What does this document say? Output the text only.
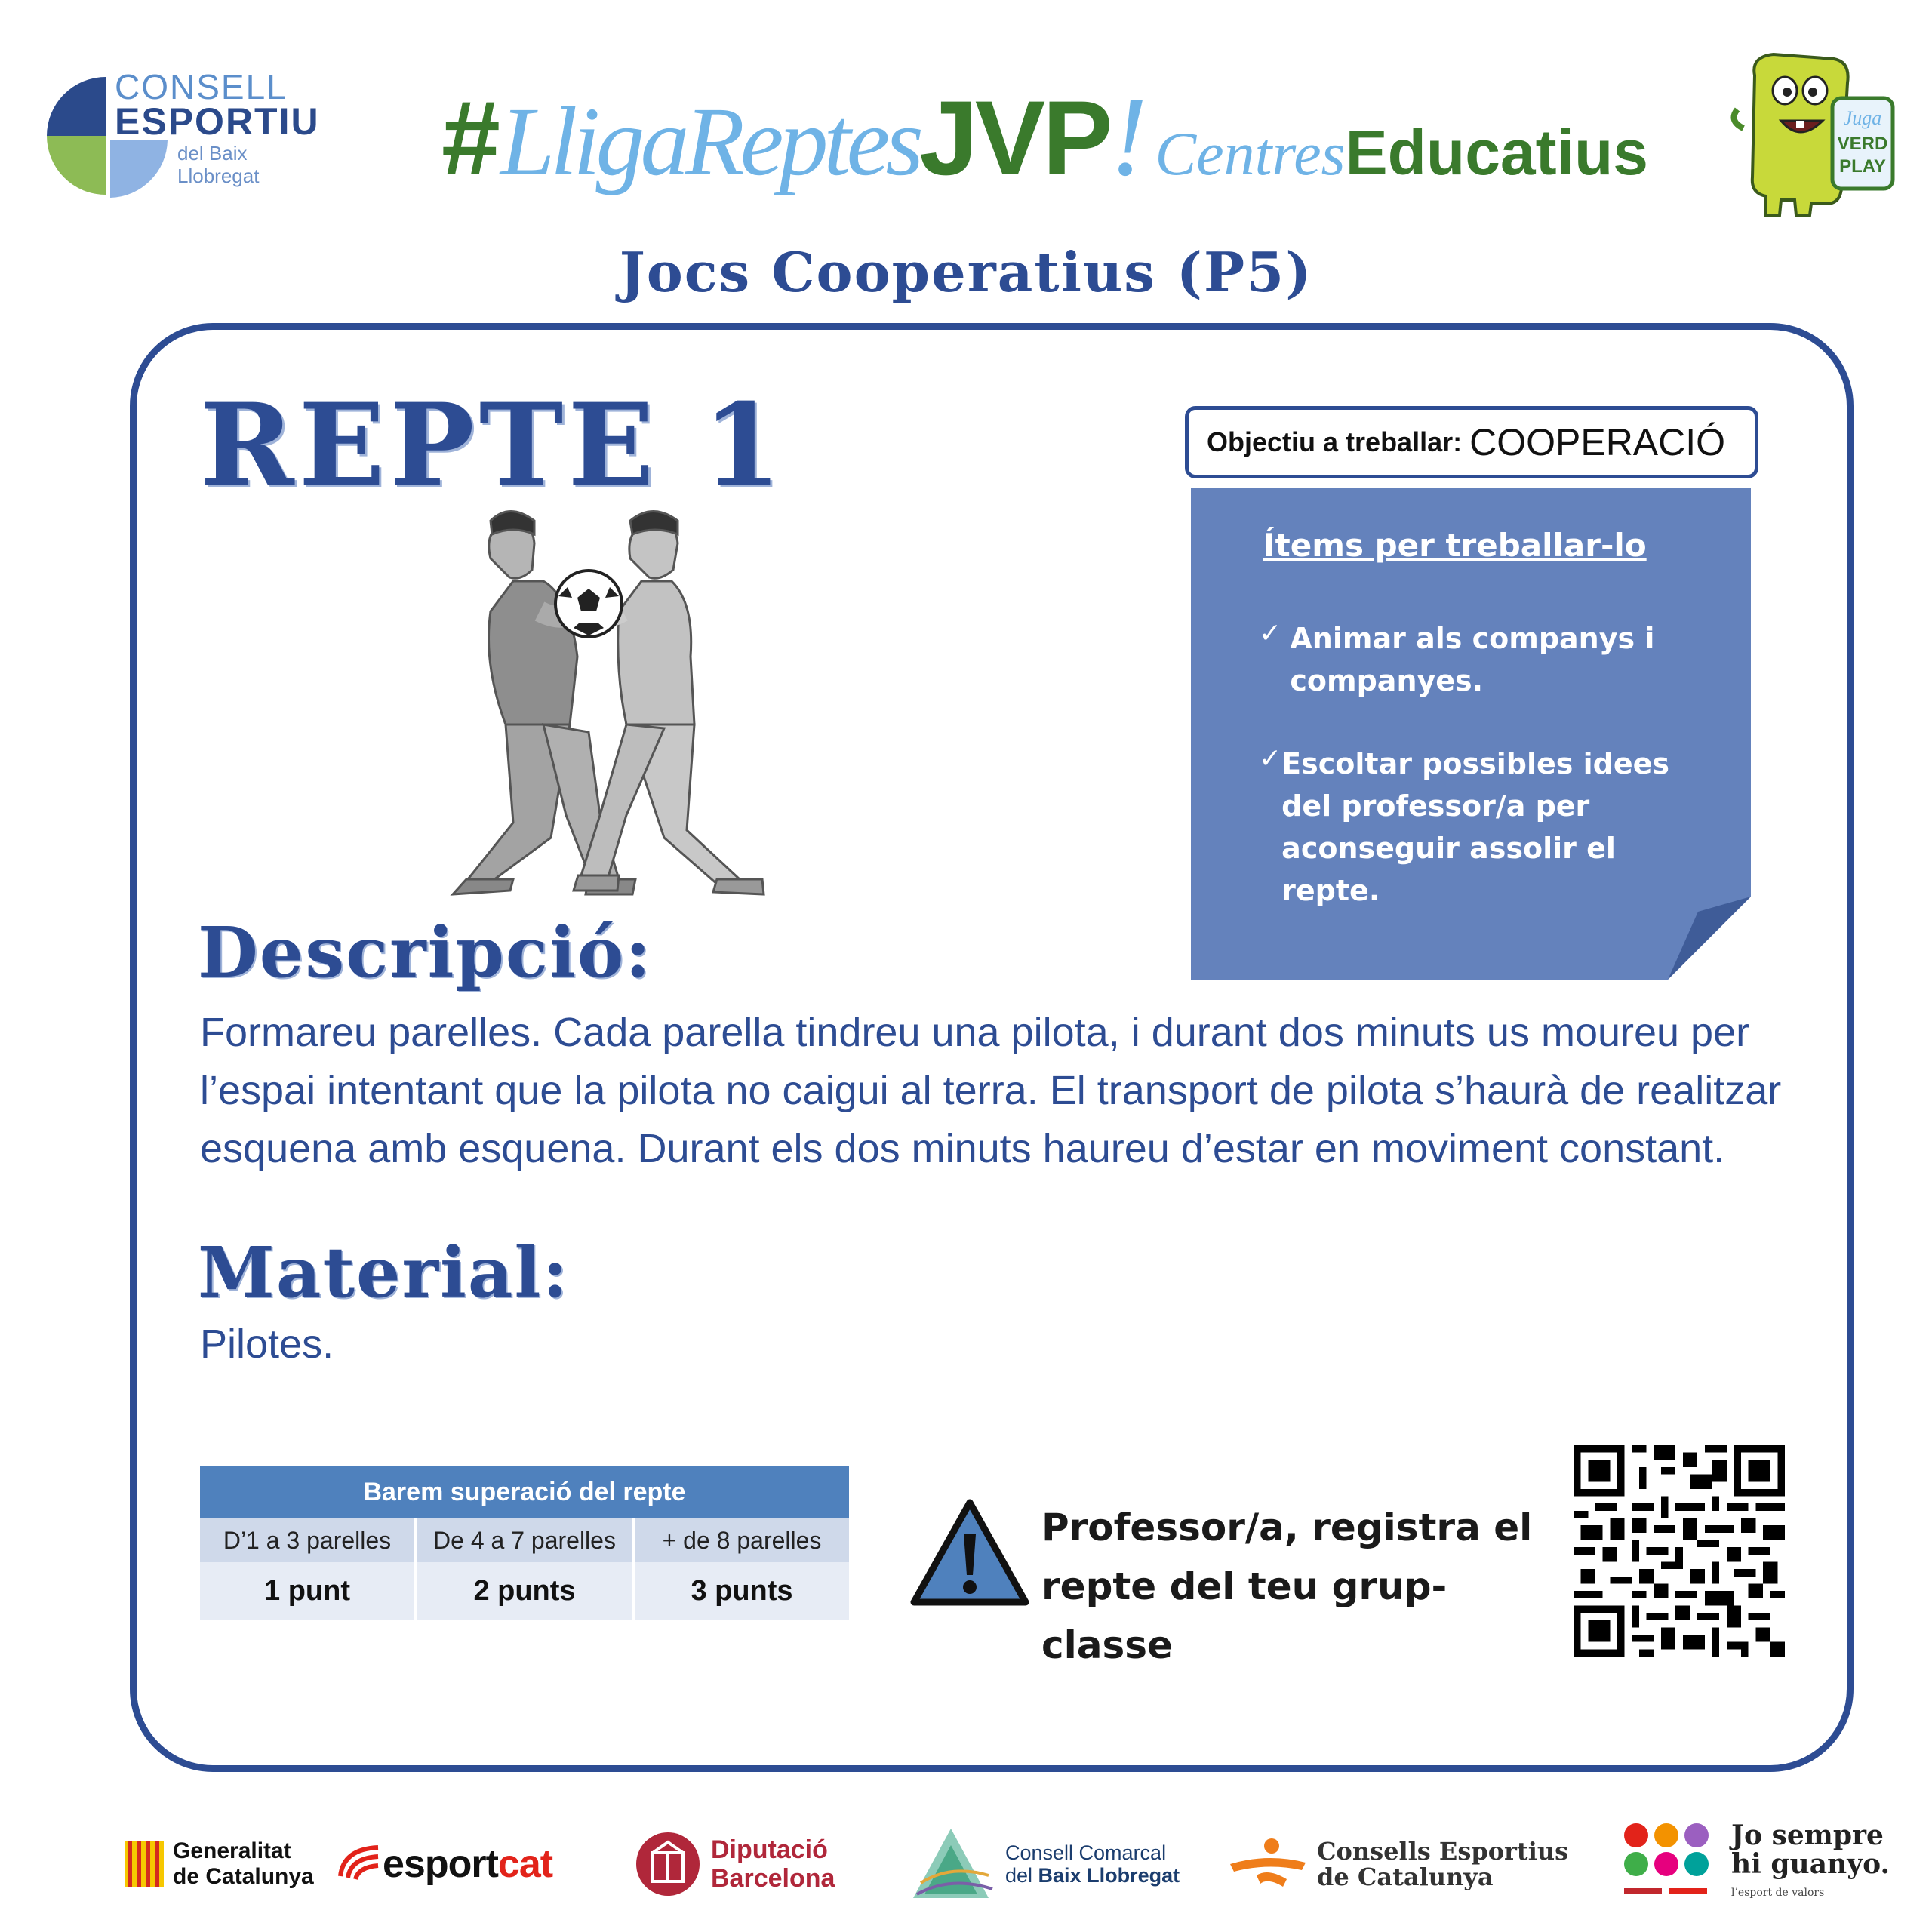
CONSELL
ESPORTIU
del Baix Llobregat	#LligaReptesJVP! CentresEducatius	Juga
VERD
PLAY
Jocs Cooperatius (P5)
REPTE 1	Objectiu a treballar: COOPERACIÓ
Ítems per treballar-lo
✓ Animar als companys i companyes.
✓ Escoltar possibles idees del professor/a per aconseguir assolir el repte.
Descripció:
Formareu parelles. Cada parella tindreu una pilota, i durant dos minuts us moureu per l’espai intentant que la pilota no caigui al terra. El transport de pilota s’haurà de realitzar esquena amb esquena. Durant els dos minuts haureu d’estar en moviment constant.
Material:
Pilotes.
Barem superació del repte
D’1 a 3 parelles	De 4 a 7 parelles	+ de 8 parelles
1 punt	2 punts	3 punts
Professor/a, registra el repte del teu grup- classe
Generalitat
de Catalunya esportcat	Diputació
Barcelona
Consell Comarcal
del Baix Llobregat
Consells Esportius
de Catalunya
Jo sempre
hi guanyo.
l’esport de valors
